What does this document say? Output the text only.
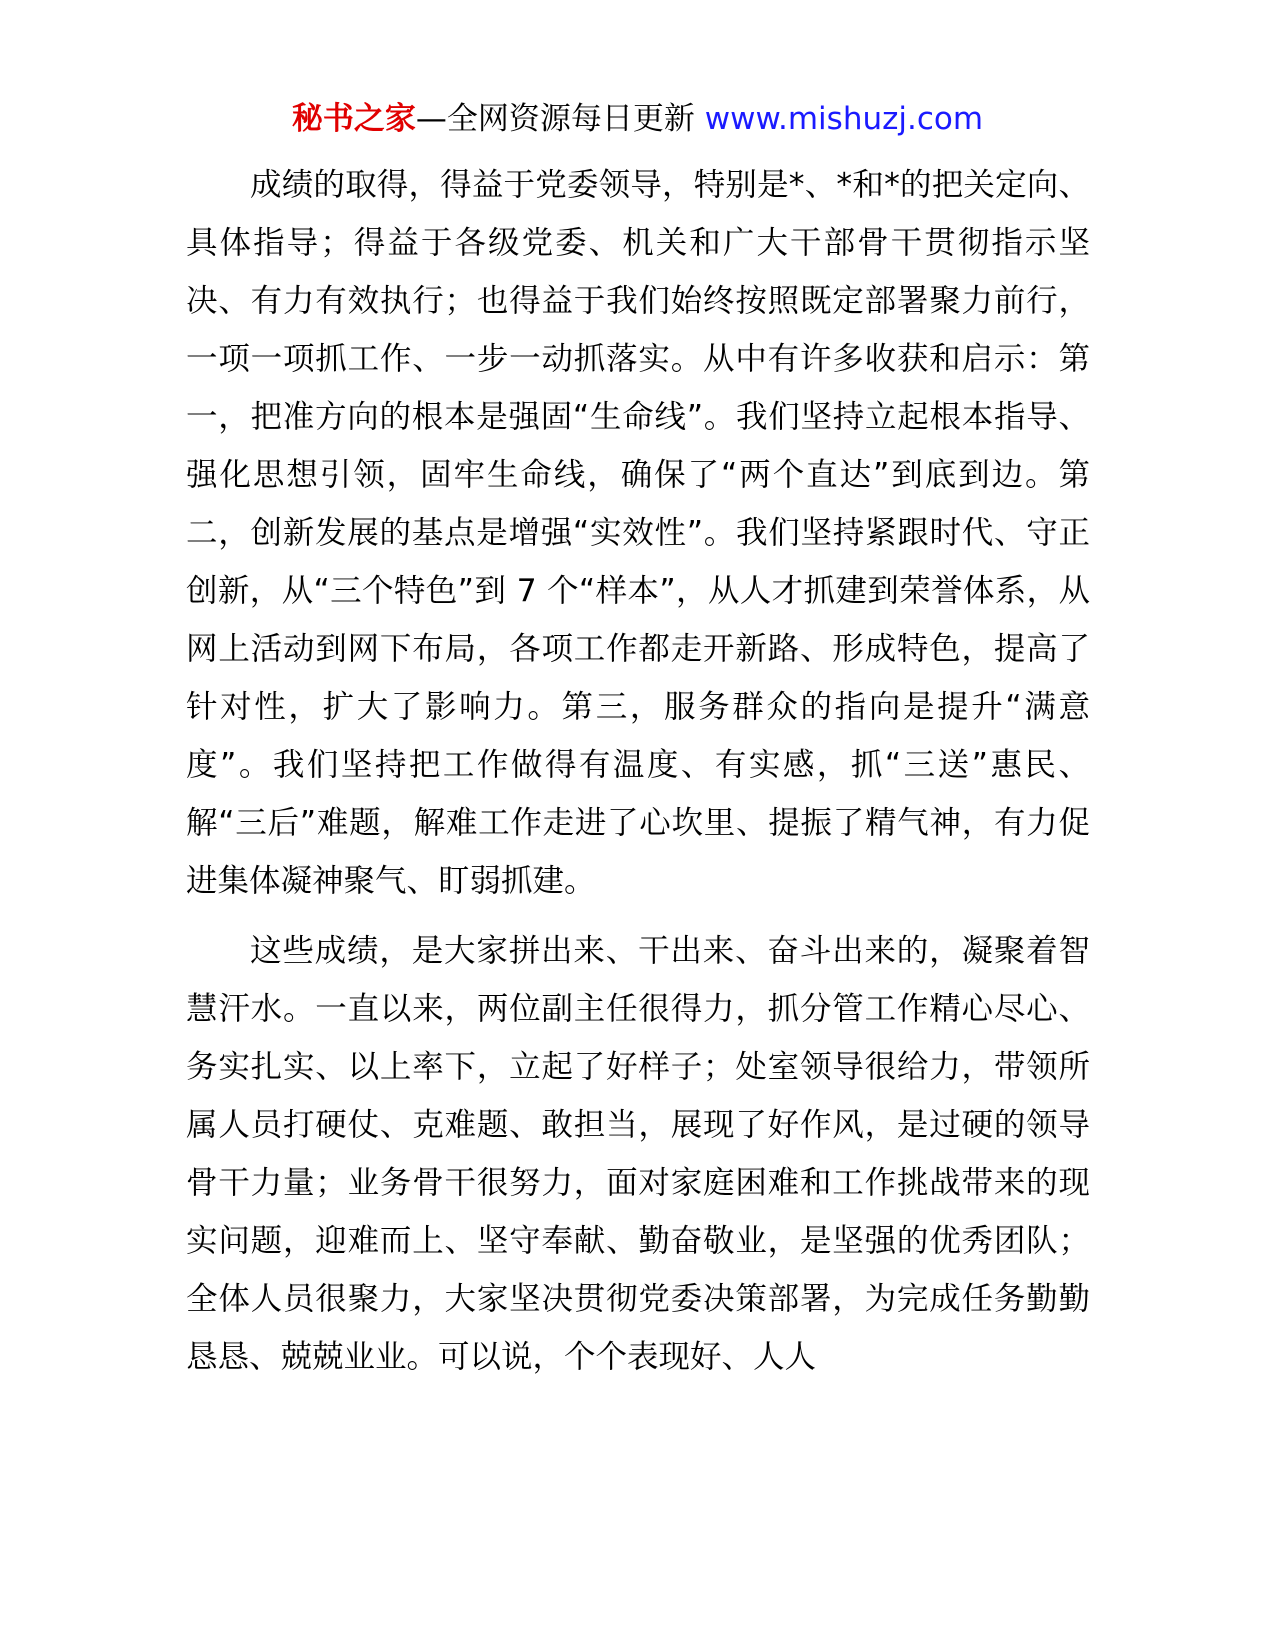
秘书之家—全网资源每日更新 www.mishuzj.com

成绩的取得，得益于党委领导，特别是*、*和*的把关定向、具体指导；得益于各级党委、机关和广大干部骨干贯彻指示坚决、有力有效执行；也得益于我们始终按照既定部署聚力前行，一项一项抓工作、一步一动抓落实。从中有许多收获和启示：第一，把准方向的根本是强固“生命线”。我们坚持立起根本指导、强化思想引领，固牢生命线，确保了“两个直达”到底到边。第二，创新发展的基点是增强“实效性”。我们坚持紧跟时代、守正创新，从“三个特色”到 7 个“样本”，从人才抓建到荣誉体系，从网上活动到网下布局，各项工作都走开新路、形成特色，提高了针对性，扩大了影响力。第三，服务群众的指向是提升“满意度”。我们坚持把工作做得有温度、有实感，抓“三送”惠民、解“三后”难题，解难工作走进了心坎里、提振了精气神，有力促进集体凝神聚气、盯弱抓建。

这些成绩，是大家拼出来、干出来、奋斗出来的，凝聚着智慧汗水。一直以来，两位副主任很得力，抓分管工作精心尽心、务实扎实、以上率下，立起了好样子；处室领导很给力，带领所属人员打硬仗、克难题、敢担当，展现了好作风，是过硬的领导骨干力量；业务骨干很努力，面对家庭困难和工作挑战带来的现实问题，迎难而上、坚守奉献、勤奋敬业，是坚强的优秀团队；全体人员很聚力，大家坚决贯彻党委决策部署，为完成任务勤勤恳恳、兢兢业业。可以说，个个表现好、人人
